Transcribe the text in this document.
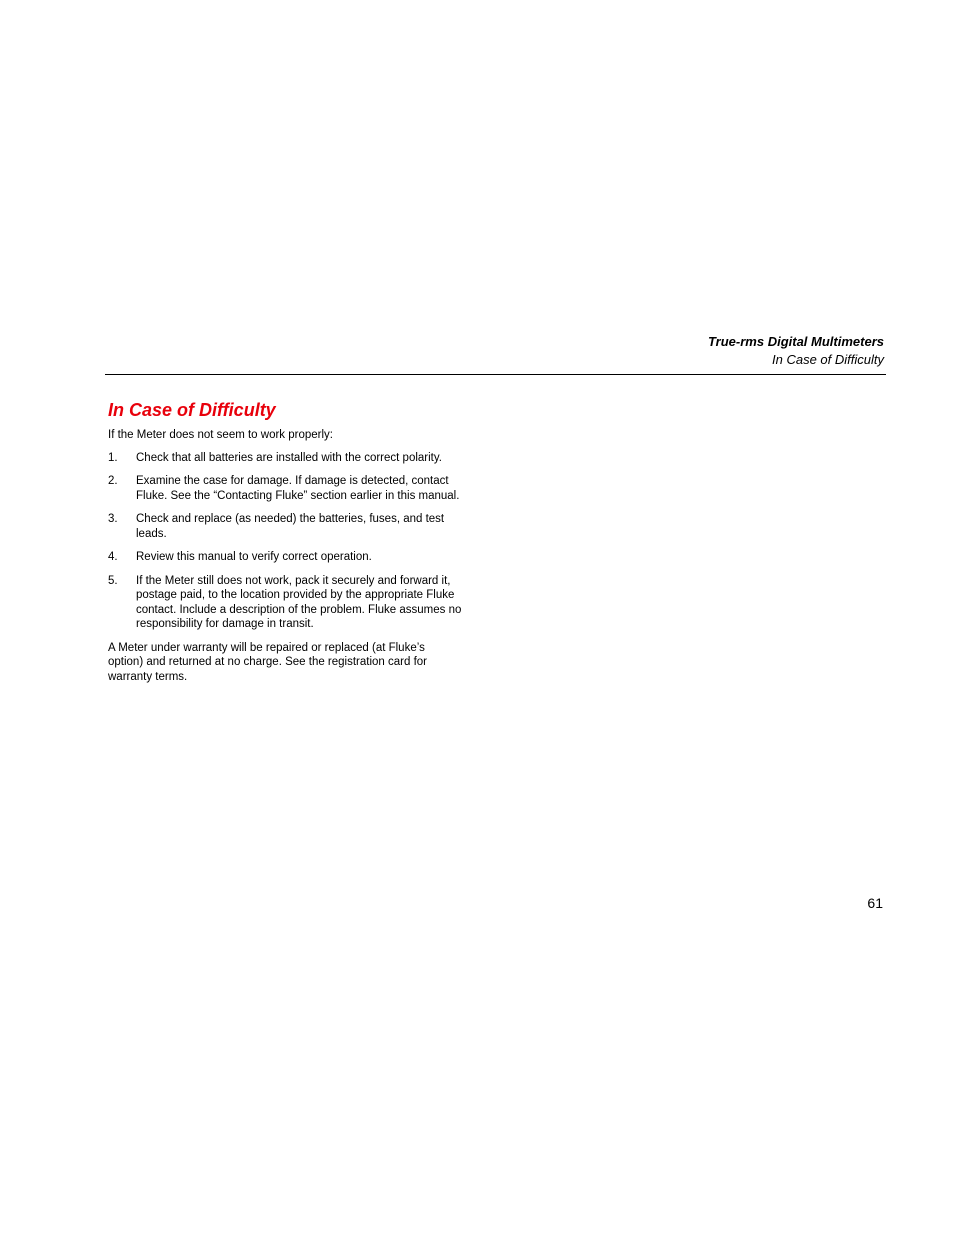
True-rms Digital Multimeters
In Case of Difficulty
In Case of Difficulty

If the Meter does not seem to work properly:

1. Check that all batteries are installed with the correct polarity.
2. Examine the case for damage. If damage is detected, contact Fluke. See the “Contacting Fluke” section earlier in this manual.
3. Check and replace (as needed) the batteries, fuses, and test leads.
4. Review this manual to verify correct operation.
5. If the Meter still does not work, pack it securely and forward it, postage paid, to the location provided by the appropriate Fluke contact. Include a description of the problem. Fluke assumes no responsibility for damage in transit.

A Meter under warranty will be repaired or replaced (at Fluke’s option) and returned at no charge. See the registration card for warranty terms.

61
